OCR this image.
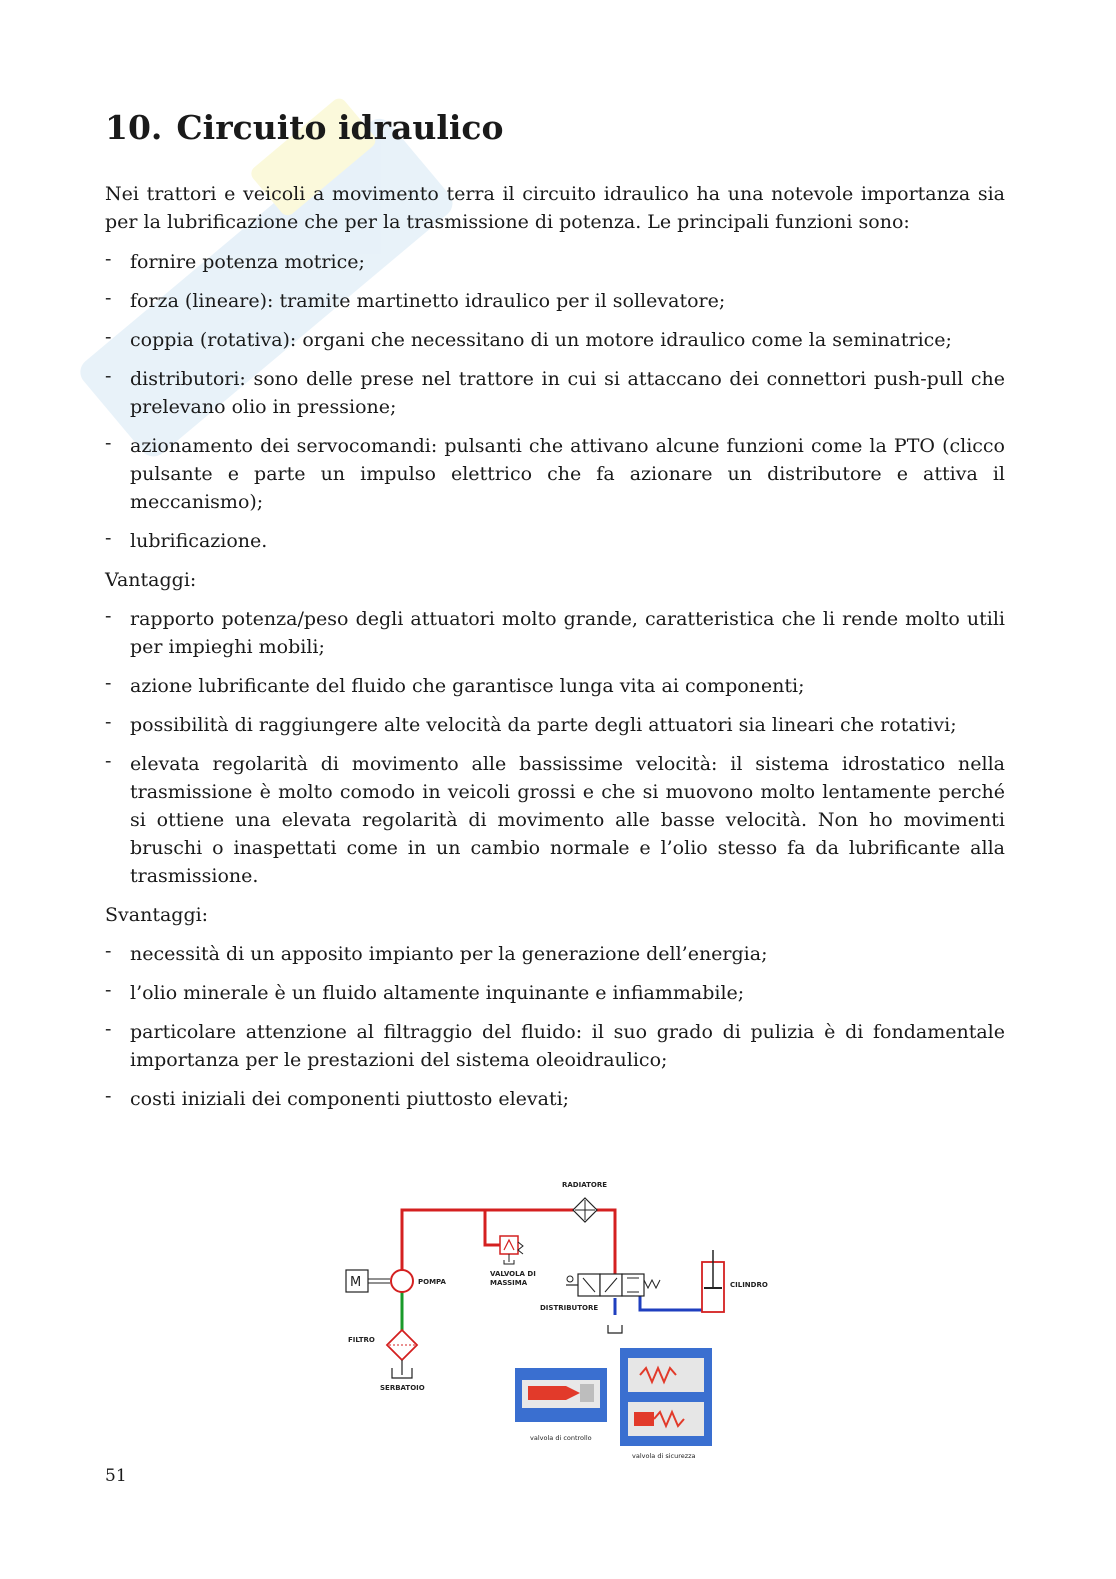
10. Circuito idraulico

Nei trattori e veicoli a movimento terra il circuito idraulico ha una notevole importanza sia per la lubrificazione che per la trasmissione di potenza. Le principali funzioni sono:

- fornire potenza motrice;
- forza (lineare): tramite martinetto idraulico per il sollevatore;
- coppia (rotativa): organi che necessitano di un motore idraulico come la seminatrice;
- distributori: sono delle prese nel trattore in cui si attaccano dei connettori push-pull che prelevano olio in pressione;
- azionamento dei servocomandi: pulsanti che attivano alcune funzioni come la PTO (clicco pulsante e parte un impulso elettrico che fa azionare un distributore e attiva il meccanismo);
- lubrificazione.

Vantaggi:

- rapporto potenza/peso degli attuatori molto grande, caratteristica che li rende molto utili per impieghi mobili;
- azione lubrificante del fluido che garantisce lunga vita ai componenti;
- possibilità di raggiungere alte velocità da parte degli attuatori sia lineari che rotativi;
- elevata regolarità di movimento alle bassissime velocità: il sistema idrostatico nella trasmissione è molto comodo in veicoli grossi e che si muovono molto lentamente perché si ottiene una elevata regolarità di movimento alle basse velocità. Non ho movimenti bruschi o inaspettati come in un cambio normale e l’olio stesso fa da lubrificante alla trasmissione.

Svantaggi:

- necessità di un apposito impianto per la generazione dell’energia;
- l’olio minerale è un fluido altamente inquinante e infiammabile;
- particolare attenzione al filtraggio del fluido: il suo grado di pulizia è di fondamentale importanza per le prestazioni del sistema oleoidraulico;
- costi iniziali dei componenti piuttosto elevati;
M	POMPA
FILTRO
SERBATOIO
RADIATORE
VALVOLA DI
MASSIMA
DISTRIBUTORE
CILINDRO
valvola di controllo
valvola di sicurezza
51
